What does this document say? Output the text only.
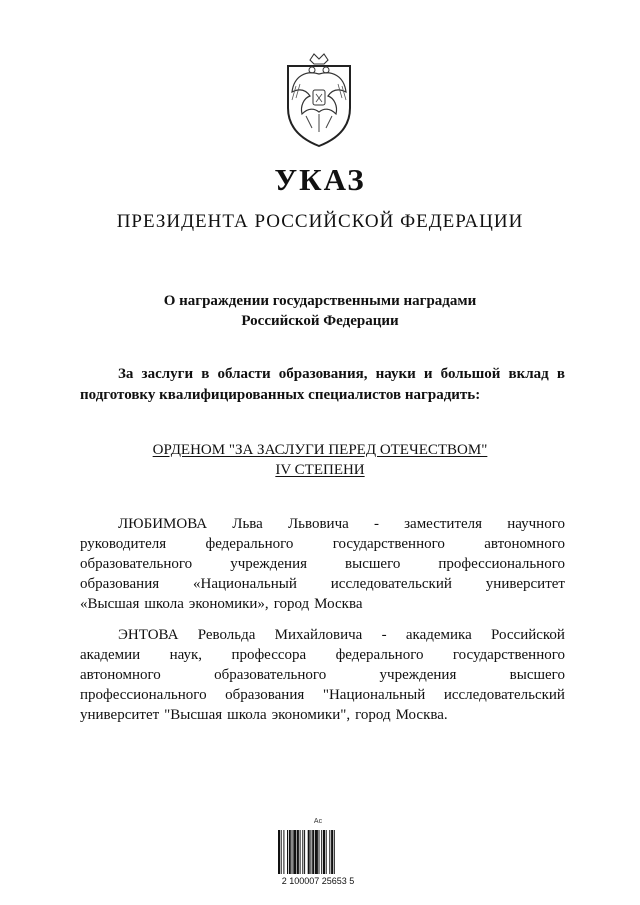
УКАЗ
ПРЕЗИДЕНТА РОССИЙСКОЙ ФЕДЕРАЦИИ
О награждении государственными наградами
Российской Федерации
За заслуги в области образования, науки и большой вклад в
подготовку квалифицированных специалистов наградить:
ОРДЕНОМ "ЗА ЗАСЛУГИ ПЕРЕД ОТЕЧЕСТВОМ"
IV СТЕПЕНИ
ЛЮБИМОВА Льва Львовича - заместителя научного
руководителя	федерального	государственного	автономного
образовательного	учреждения	высшего	профессионального
образования «Национальный исследовательский университет
«Высшая школа экономики», город Москва
ЭНТОВА Револьда Михайловича - академика Российской
академии наук, профессора федерального государственного
автономного	образовательного	учреждения	высшего
профессионального образования "Национальный исследовательский
университет "Высшая школа экономики", город Москва.
Ас
2 100007 25653 5
